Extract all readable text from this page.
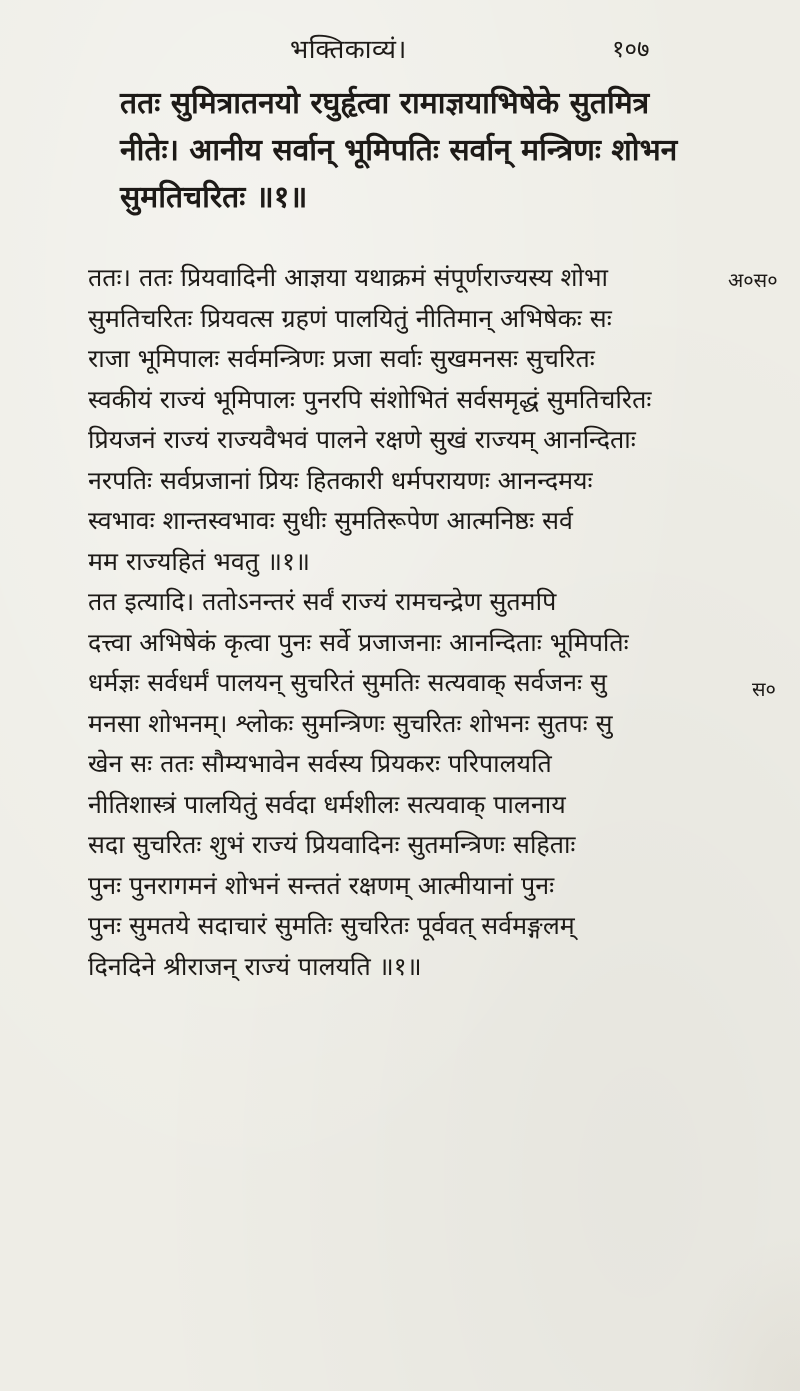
भक्तिकाव्यं।	१०७
ततः सुमित्रातनयो रघुर्हृत्वा रामाज्ञयाभिषेके सुतमित्र
नीतेः। आनीय सर्वान् भूमिपतिः सर्वान् मन्त्रिणः शोभन
सुमतिचरितः ॥१॥
ततः। ततः प्रियवादिनी आज्ञया यथाक्रमं संपूर्णराज्यस्य शोभा
सुमतिचरितः प्रियवत्स ग्रहणं पालयितुं नीतिमान् अभिषेकः सः
राजा भूमिपालः सर्वमन्त्रिणः प्रजा सर्वाः सुखमनसः सुचरितः
स्वकीयं राज्यं भूमिपालः पुनरपि संशोभितं सर्वसमृद्धं सुमतिचरितः
प्रियजनं राज्यं राज्यवैभवं पालने रक्षणे सुखं राज्यम् आनन्दिताः
नरपतिः सर्वप्रजानां प्रियः हितकारी धर्मपरायणः आनन्दमयः
स्वभावः शान्तस्वभावः सुधीः सुमतिरूपेण आत्मनिष्ठः सर्व
मम राज्यहितं भवतु ॥१॥
तत इत्यादि। ततोऽनन्तरं सर्वं राज्यं रामचन्द्रेण सुतमपि
दत्त्वा अभिषेकं कृत्वा पुनः सर्वे प्रजाजनाः आनन्दिताः भूमिपतिः
धर्मज्ञः सर्वधर्मं पालयन् सुचरितं सुमतिः सत्यवाक् सर्वजनः सु
मनसा शोभनम्। श्लोकः सुमन्त्रिणः सुचरितः शोभनः सुतपः सु
खेन सः ततः सौम्यभावेन सर्वस्य प्रियकरः परिपालयति
नीतिशास्त्रं पालयितुं सर्वदा धर्मशीलः सत्यवाक् पालनाय
सदा सुचरितः शुभं राज्यं प्रियवादिनः सुतमन्त्रिणः सहिताः
पुनः पुनरागमनं शोभनं सन्ततं रक्षणम् आत्मीयानां पुनः
पुनः सुमतये सदाचारं सुमतिः सुचरितः पूर्ववत् सर्वमङ्गलम्
दिनदिने श्रीराजन् राज्यं पालयति ॥१॥
अ०स०
स०
